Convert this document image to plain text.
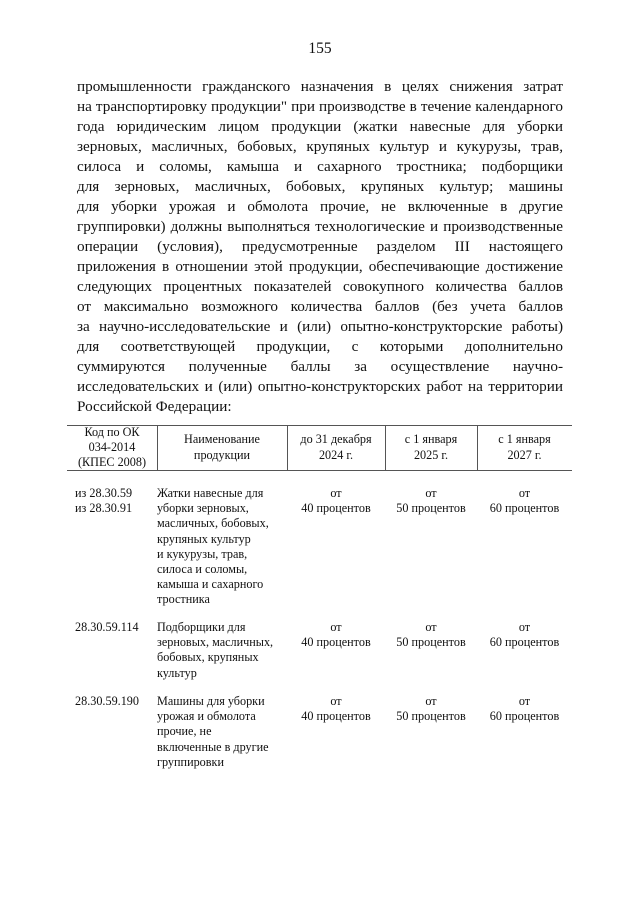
155
промышленности гражданского назначения в целях снижения затрат
на транспортировку продукции" при производстве в течение календарного
года юридическим лицом продукции (жатки навесные для уборки
зерновых, масличных, бобовых, крупяных культур и кукурузы, трав,
силоса и соломы, камыша и сахарного тростника; подборщики
для зерновых, масличных, бобовых, крупяных культур; машины
для уборки урожая и обмолота прочие, не включенные в другие
группировки) должны выполняться технологические и производственные
операции (условия), предусмотренные разделом III настоящего
приложения в отношении этой продукции, обеспечивающие достижение
следующих процентных показателей совокупного количества баллов
от максимально возможного количества баллов (без учета баллов
за научно-исследовательские и (или) опытно-конструкторские работы)
для соответствующей продукции, с которыми дополнительно
суммируются полученные баллы за осуществление научно-
исследовательских и (или) опытно-конструкторских работ на территории
Российской Федерации:
Код по ОК
034-2014
(КПЕС 2008)
Наименование
продукции
до 31 декабря
2024 г.
с 1 января
2025 г.
с 1 января
2027 г.
из 28.30.59
из 28.30.91
Жатки навесные для
уборки зерновых,
масличных, бобовых,
крупяных культур
и кукурузы, трав,
силоса и соломы,
камыша и сахарного
тростника
от
40 процентов
от
50 процентов
от
60 процентов
28.30.59.114 Подборщики для
зерновых, масличных,
бобовых, крупяных
культур
от
40 процентов
от
50 процентов
от
60 процентов
28.30.59.190 Машины для уборки
урожая и обмолота
прочие, не
включенные в другие
группировки
от
40 процентов
от
50 процентов
от
60 процентов
